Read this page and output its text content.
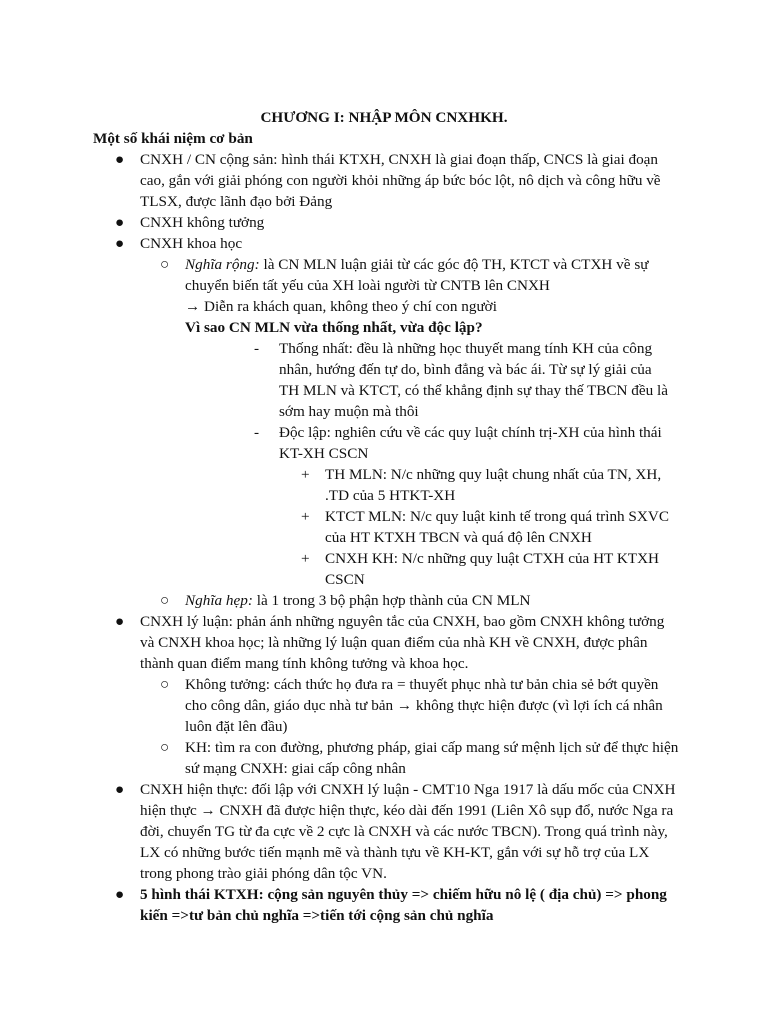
CHƯƠNG I: NHẬP MÔN CNXHKH.
Một số khái niệm cơ bản
● CNXH / CN cộng sản: hình thái KTXH, CNXH là giai đoạn thấp, CNCS là giai đoạn cao, gắn với giải phóng con người khỏi những áp bức bóc lột, nô dịch và công hữu về TLSX, được lãnh đạo bởi Đảng
● CNXH không tưởng
● CNXH khoa học
○ Nghĩa rộng: là CN MLN luận giải từ các góc độ TH, KTCT và CTXH về sự chuyển biến tất yếu của XH loài người từ CNTB lên CNXH
→ Diễn ra khách quan, không theo ý chí con người
Vì sao CN MLN vừa thống nhất, vừa độc lập?
- Thống nhất: đều là những học thuyết mang tính KH của công nhân, hướng đến tự do, bình đẳng và bác ái. Từ sự lý giải của TH MLN và KTCT, có thể khẳng định sự thay thế TBCN đều là sớm hay muộn mà thôi
- Độc lập: nghiên cứu về các quy luật chính trị-XH của hình thái KT-XH CSCN
+ TH MLN: N/c những quy luật chung nhất của TN, XH, .TD của 5 HTKT-XH
+ KTCT MLN: N/c quy luật kinh tế trong quá trình SXVC của HT KTXH TBCN và quá độ lên CNXH
+ CNXH KH: N/c những quy luật CTXH của HT KTXH CSCN
○ Nghĩa hẹp: là 1 trong 3 bộ phận hợp thành của CN MLN
● CNXH lý luận: phản ánh những nguyên tắc của CNXH, bao gồm CNXH không tưởng và CNXH khoa học; là những lý luận quan điểm của nhà KH về CNXH, được phân thành quan điểm mang tính không tưởng và khoa học.
○ Không tưởng: cách thức họ đưa ra = thuyết phục nhà tư bản chia sẻ bớt quyền cho công dân, giáo dục nhà tư bản → không thực hiện được (vì lợi ích cá nhân luôn đặt lên đầu)
○ KH: tìm ra con đường, phương pháp, giai cấp mang sứ mệnh lịch sử để thực hiện sứ mạng CNXH: giai cấp công nhân
● CNXH hiện thực: đối lập với CNXH lý luận - CMT10 Nga 1917 là dấu mốc của CNXH hiện thực → CNXH đã được hiện thực, kéo dài đến 1991 (Liên Xô sụp đổ, nước Nga ra đời, chuyển TG từ đa cực về 2 cực là CNXH và các nước TBCN). Trong quá trình này, LX có những bước tiến mạnh mẽ và thành tựu về KH-KT, gắn với sự hỗ trợ của LX trong phong trào giải phóng dân tộc VN.
● 5 hình thái KTXH: cộng sản nguyên thủy => chiếm hữu nô lệ ( địa chủ) => phong kiến =>tư bản chủ nghĩa =>tiến tới cộng sản chủ nghĩa
